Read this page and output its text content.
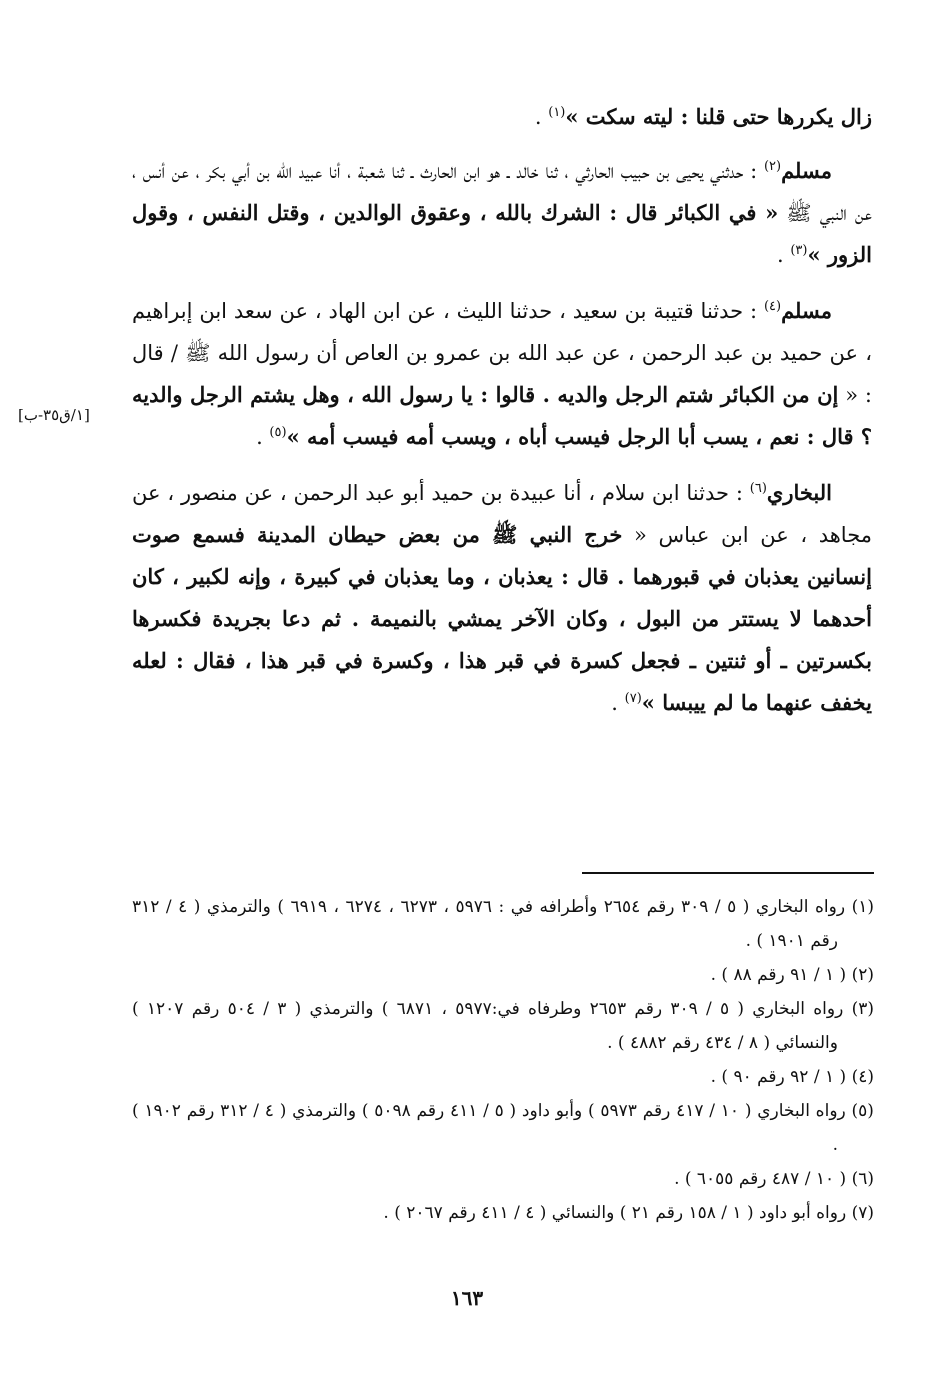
زال يكررها حتى قلنا : ليته سكت »$^{(١)}$ .

مسلم$^{(٢)}$ : حدثني يحيى بن حبيب الحارثي ، ثنا خالد ـ هو ابن الحارث ـ ثنا شعبة ، أنا عبيد الله بن أبي بكر ، عن أنس ، عن النبي ﷺ « في الكبائر قال : الشرك بالله ، وعقوق الوالدين ، وقتل النفس ، وقول الزور »$^{(٣)}$ .

مسلم$^{(٤)}$ : حدثنا قتيبة بن سعيد ، حدثنا الليث ، عن ابن الهاد ، عن سعد ابن إبراهيم ، عن حميد بن عبد الرحمن ، عن عبد الله بن عمرو بن العاص أن رسول الله ﷺ / قال : « إن من الكبائر شتم الرجل والديه . قالوا : يا رسول الله ، وهل يشتم الرجل والديه ؟ قال : نعم ، يسب أبا الرجل فيسب أباه ، ويسب أمه فيسب أمه »$^{(٥)}$ .

البخاري$^{(٦)}$ : حدثنا ابن سلام ، أنا عبيدة بن حميد أبو عبد الرحمن ، عن منصور ، عن مجاهد ، عن ابن عباس « خرج النبي ﷺ من بعض حيطان المدينة فسمع صوت إنسانين يعذبان في قبورهما . قال : يعذبان ، وما يعذبان في كبيرة ، وإنه لكبير ، كان أحدهما لا يستتر من البول ، وكان الآخر يمشي بالنميمة . ثم دعا بجريدة فكسرها بكسرتين ـ أو ثنتين ـ فجعل كسرة في قبر هذا ، وكسرة في قبر هذا ، فقال : لعله يخفف عنهما ما لم ييبسا »$^{(٧)}$ .

[١/ق٣٥-ب]

(١) رواه البخاري ( ٥ / ٣٠٩ رقم ٢٦٥٤ وأطرافه في : ٥٩٧٦ ، ٦٢٧٣ ، ٦٢٧٤ ، ٦٩١٩ ) والترمذي ( ٤ / ٣١٢ رقم ١٩٠١ ) .

(٢) ( ١ / ٩١ رقم ٨٨ ) .

(٣) رواه البخاري ( ٥ / ٣٠٩ رقم ٢٦٥٣ وطرفاه في:٥٩٧٧ ، ٦٨٧١ ) والترمذي ( ٣ / ٥٠٤ رقم ١٢٠٧ ) والنسائي ( ٨ / ٤٣٤ رقم ٤٨٨٢ ) .

(٤) ( ١ / ٩٢ رقم ٩٠ ) .

(٥) رواه البخاري ( ١٠ / ٤١٧ رقم ٥٩٧٣ ) وأبو داود ( ٥ / ٤١١ رقم ٥٠٩٨ ) والترمذي ( ٤ / ٣١٢ رقم ١٩٠٢ ) .

(٦) ( ١٠ / ٤٨٧ رقم ٦٠٥٥ ) .

(٧) رواه أبو داود ( ١ / ١٥٨ رقم ٢١ ) والنسائي ( ٤ / ٤١١ رقم ٢٠٦٧ ) .

١٦٣
